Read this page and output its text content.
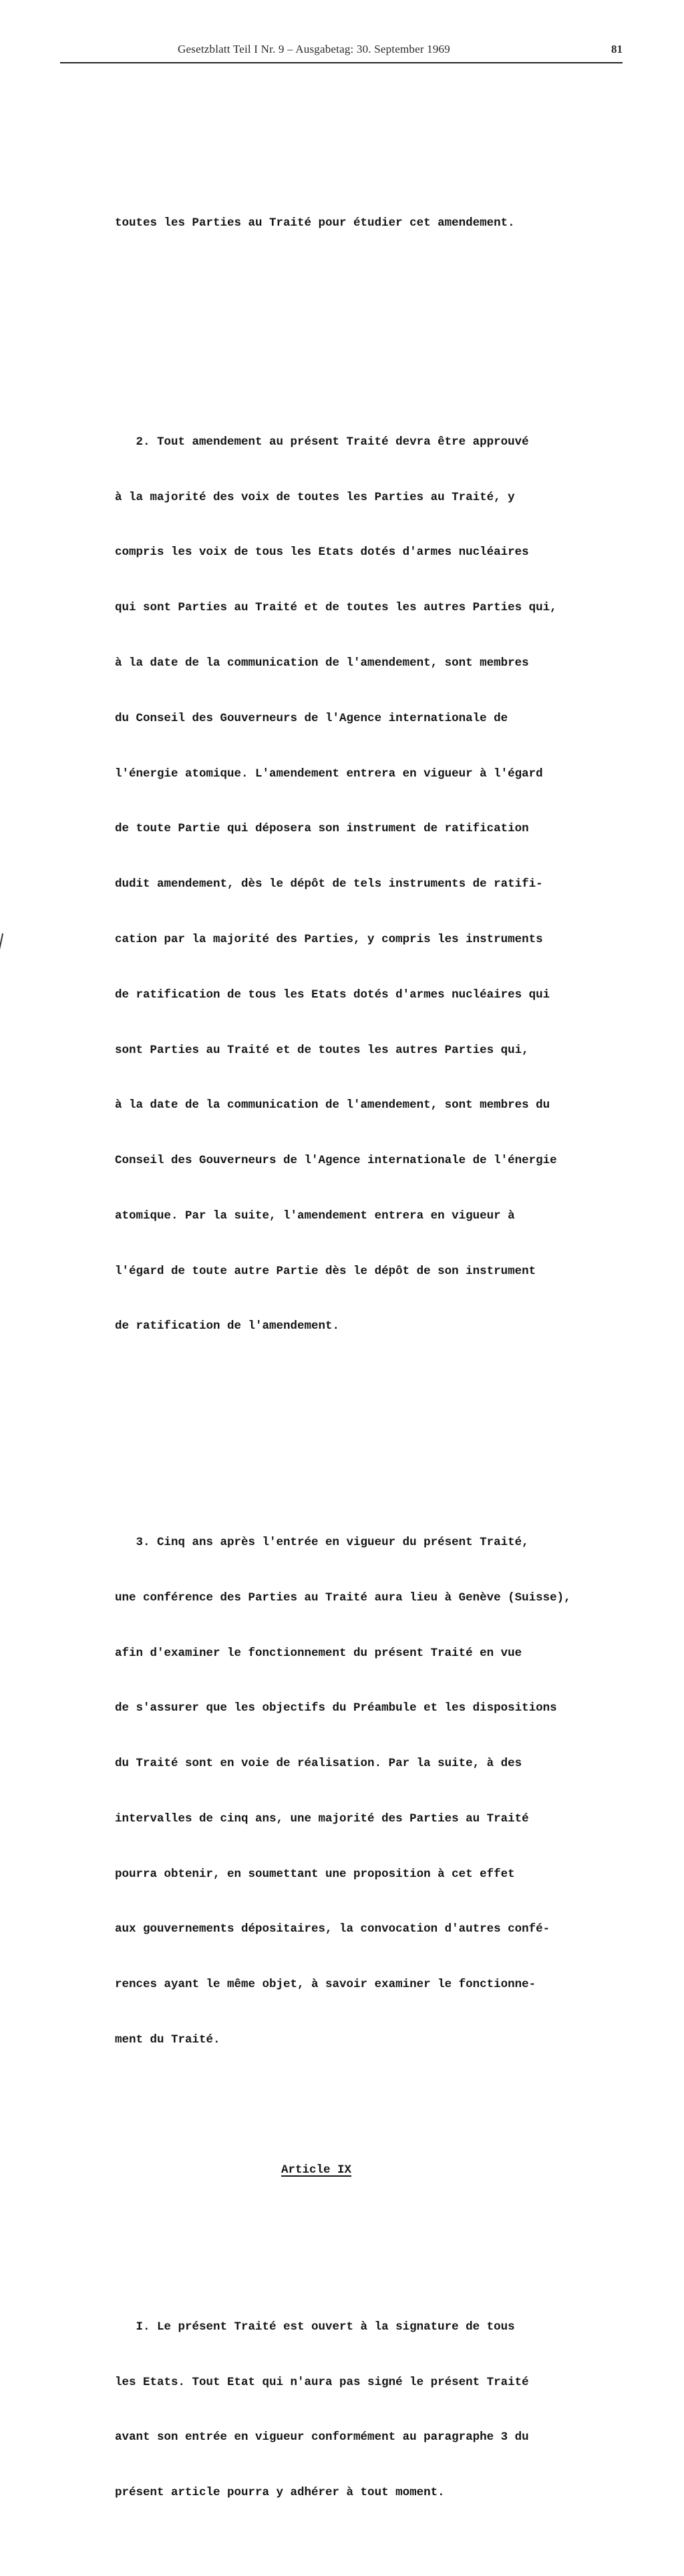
Gesetzblatt Teil I Nr. 9 – Ausgabetag: 30. September 1969	81

toutes les Parties au Traité pour étudier cet amendement.

2. Tout amendement au présent Traité devra être approuvé

à la majorité des voix de toutes les Parties au Traité, y

compris les voix de tous les Etats dotés d'armes nucléaires

qui sont Parties au Traité et de toutes les autres Parties qui,

à la date de la communication de l'amendement, sont membres

du Conseil des Gouverneurs de l'Agence internationale de

l'énergie atomique. L'amendement entrera en vigueur à l'égard

de toute Partie qui déposera son instrument de ratification

dudit amendement, dès le dépôt de tels instruments de ratifi-

cation par la majorité des Parties, y compris les instruments

de ratification de tous les Etats dotés d'armes nucléaires qui

sont Parties au Traité et de toutes les autres Parties qui,

à la date de la communication de l'amendement, sont membres du

Conseil des Gouverneurs de l'Agence internationale de l'énergie

atomique. Par la suite, l'amendement entrera en vigueur à

l'égard de toute autre Partie dès le dépôt de son instrument

de ratification de l'amendement.

3. Cinq ans après l'entrée en vigueur du présent Traité,

une conférence des Parties au Traité aura lieu à Genève (Suisse),

afin d'examiner le fonctionnement du présent Traité en vue

de s'assurer que les objectifs du Préambule et les dispositions

du Traité sont en voie de réalisation. Par la suite, à des

intervalles de cinq ans, une majorité des Parties au Traité

pourra obtenir, en soumettant une proposition à cet effet

aux gouvernements dépositaires, la convocation d'autres confé-

rences ayant le même objet, à savoir examiner le fonctionne-

ment du Traité.

Article IX

I. Le présent Traité est ouvert à la signature de tous

les Etats. Tout Etat qui n'aura pas signé le présent Traité

avant son entrée en vigueur conformément au paragraphe 3 du

présent article pourra y adhérer à tout moment.
